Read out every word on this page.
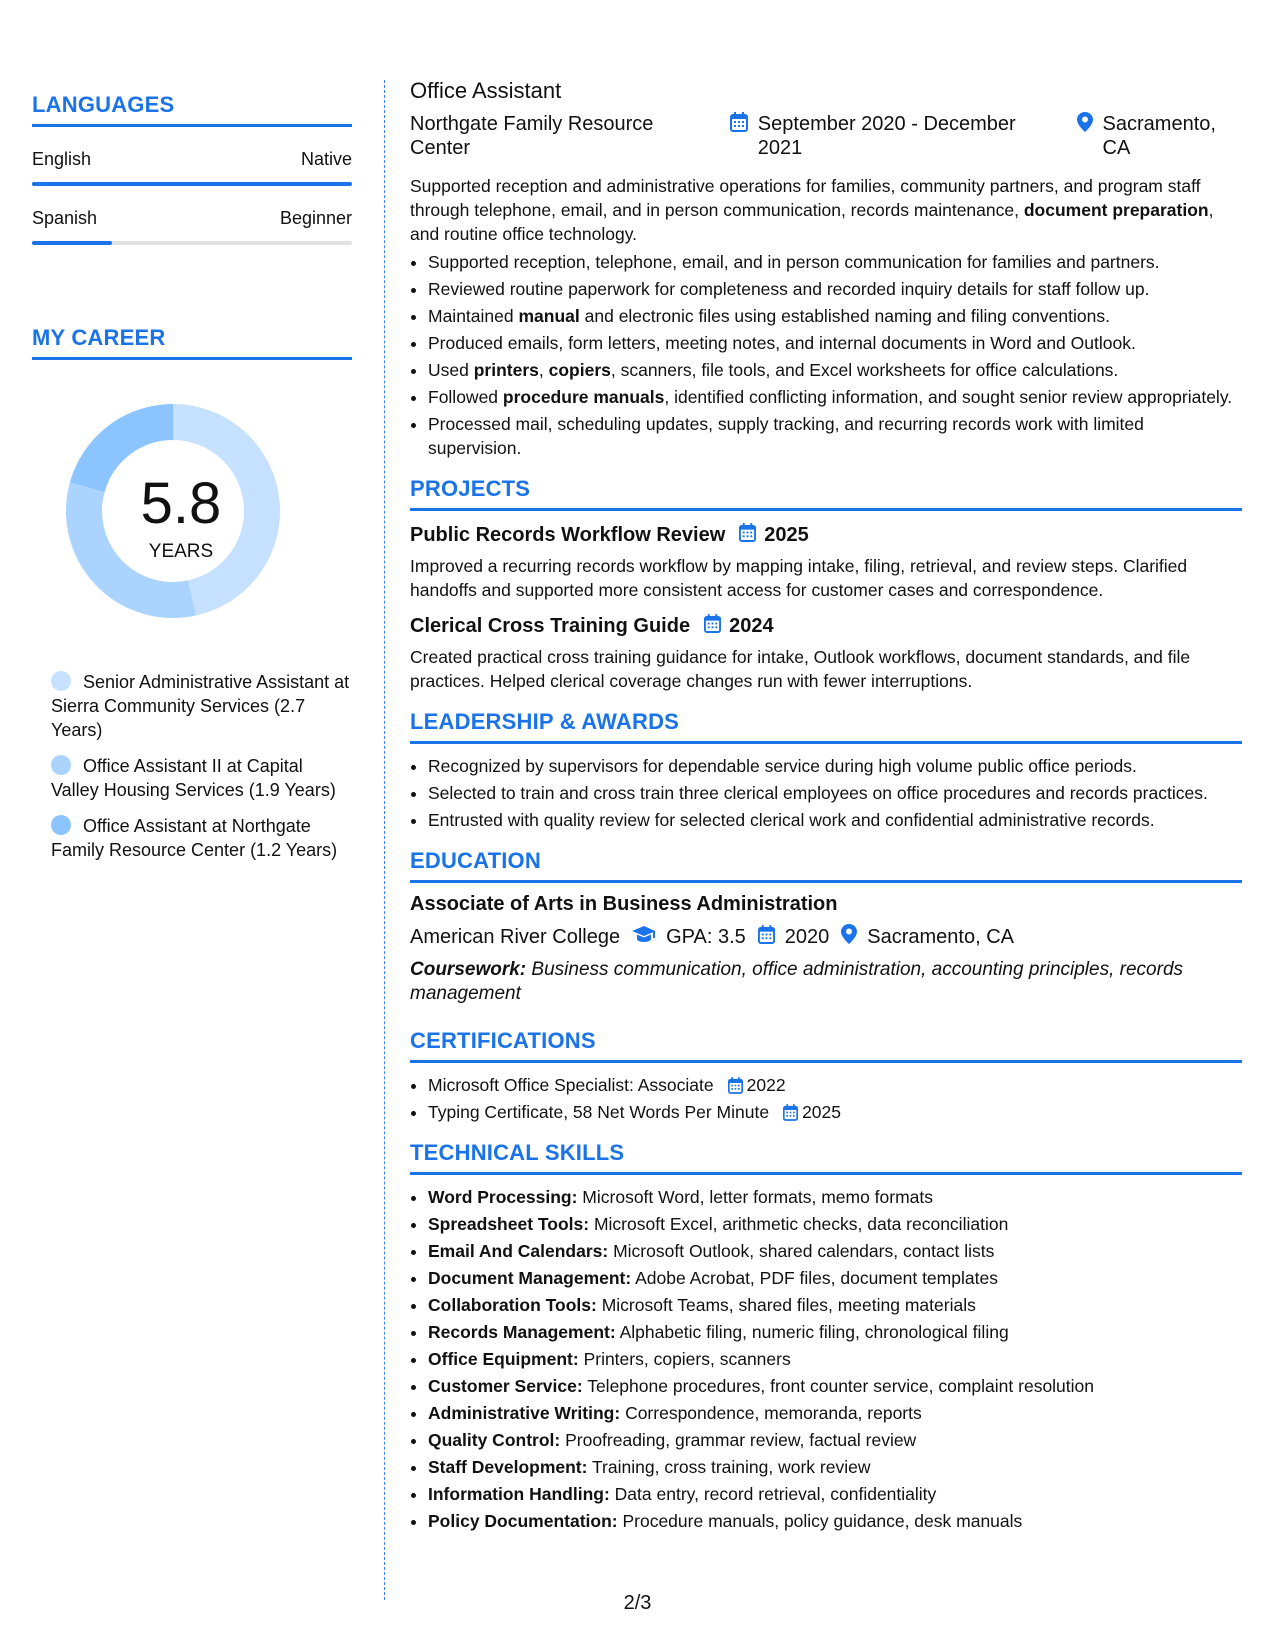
LANGUAGES
English	Native
Spanish	Beginner
MY CAREER
5.8
YEARS
Senior Administrative Assistant at Sierra Community Services (2.7 Years)
Office Assistant II at Capital Valley Housing Services (1.9 Years)
Office Assistant at Northgate Family Resource Center (1.2 Years)
Office Assistant
Northgate Family Resource Center
September 2020 - December 2021
Sacramento, CA
Supported reception and administrative operations for families, community partners, and program staff through telephone, email, and in person communication, records maintenance, document preparation, and routine office technology.
• Supported reception, telephone, email, and in person communication for families and partners.
• Reviewed routine paperwork for completeness and recorded inquiry details for staff follow up.
• Maintained manual and electronic files using established naming and filing conventions.
• Produced emails, form letters, meeting notes, and internal documents in Word and Outlook.
• Used printers, copiers, scanners, file tools, and Excel worksheets for office calculations.
• Followed procedure manuals, identified conflicting information, and sought senior review appropriately.
• Processed mail, scheduling updates, supply tracking, and recurring records work with limited supervision.
PROJECTS
Public Records Workflow Review 2025
Improved a recurring records workflow by mapping intake, filing, retrieval, and review steps. Clarified handoffs and supported more consistent access for customer cases and correspondence.
Clerical Cross Training Guide 2024
Created practical cross training guidance for intake, Outlook workflows, document standards, and file practices. Helped clerical coverage changes run with fewer interruptions.
LEADERSHIP & AWARDS
• Recognized by supervisors for dependable service during high volume public office periods.
• Selected to train and cross train three clerical employees on office procedures and records practices.
• Entrusted with quality review for selected clerical work and confidential administrative records.
EDUCATION
Associate of Arts in Business Administration
American River College GPA: 3.5 2020 Sacramento, CA
Coursework: Business communication, office administration, accounting principles, records management
CERTIFICATIONS
• Microsoft Office Specialist: Associate 2022
• Typing Certificate, 58 Net Words Per Minute 2025
TECHNICAL SKILLS
• Word Processing: Microsoft Word, letter formats, memo formats
• Spreadsheet Tools: Microsoft Excel, arithmetic checks, data reconciliation
• Email And Calendars: Microsoft Outlook, shared calendars, contact lists
• Document Management: Adobe Acrobat, PDF files, document templates
• Collaboration Tools: Microsoft Teams, shared files, meeting materials
• Records Management: Alphabetic filing, numeric filing, chronological filing
• Office Equipment: Printers, copiers, scanners
• Customer Service: Telephone procedures, front counter service, complaint resolution
• Administrative Writing: Correspondence, memoranda, reports
• Quality Control: Proofreading, grammar review, factual review
• Staff Development: Training, cross training, work review
• Information Handling: Data entry, record retrieval, confidentiality
• Policy Documentation: Procedure manuals, policy guidance, desk manuals
2/3
